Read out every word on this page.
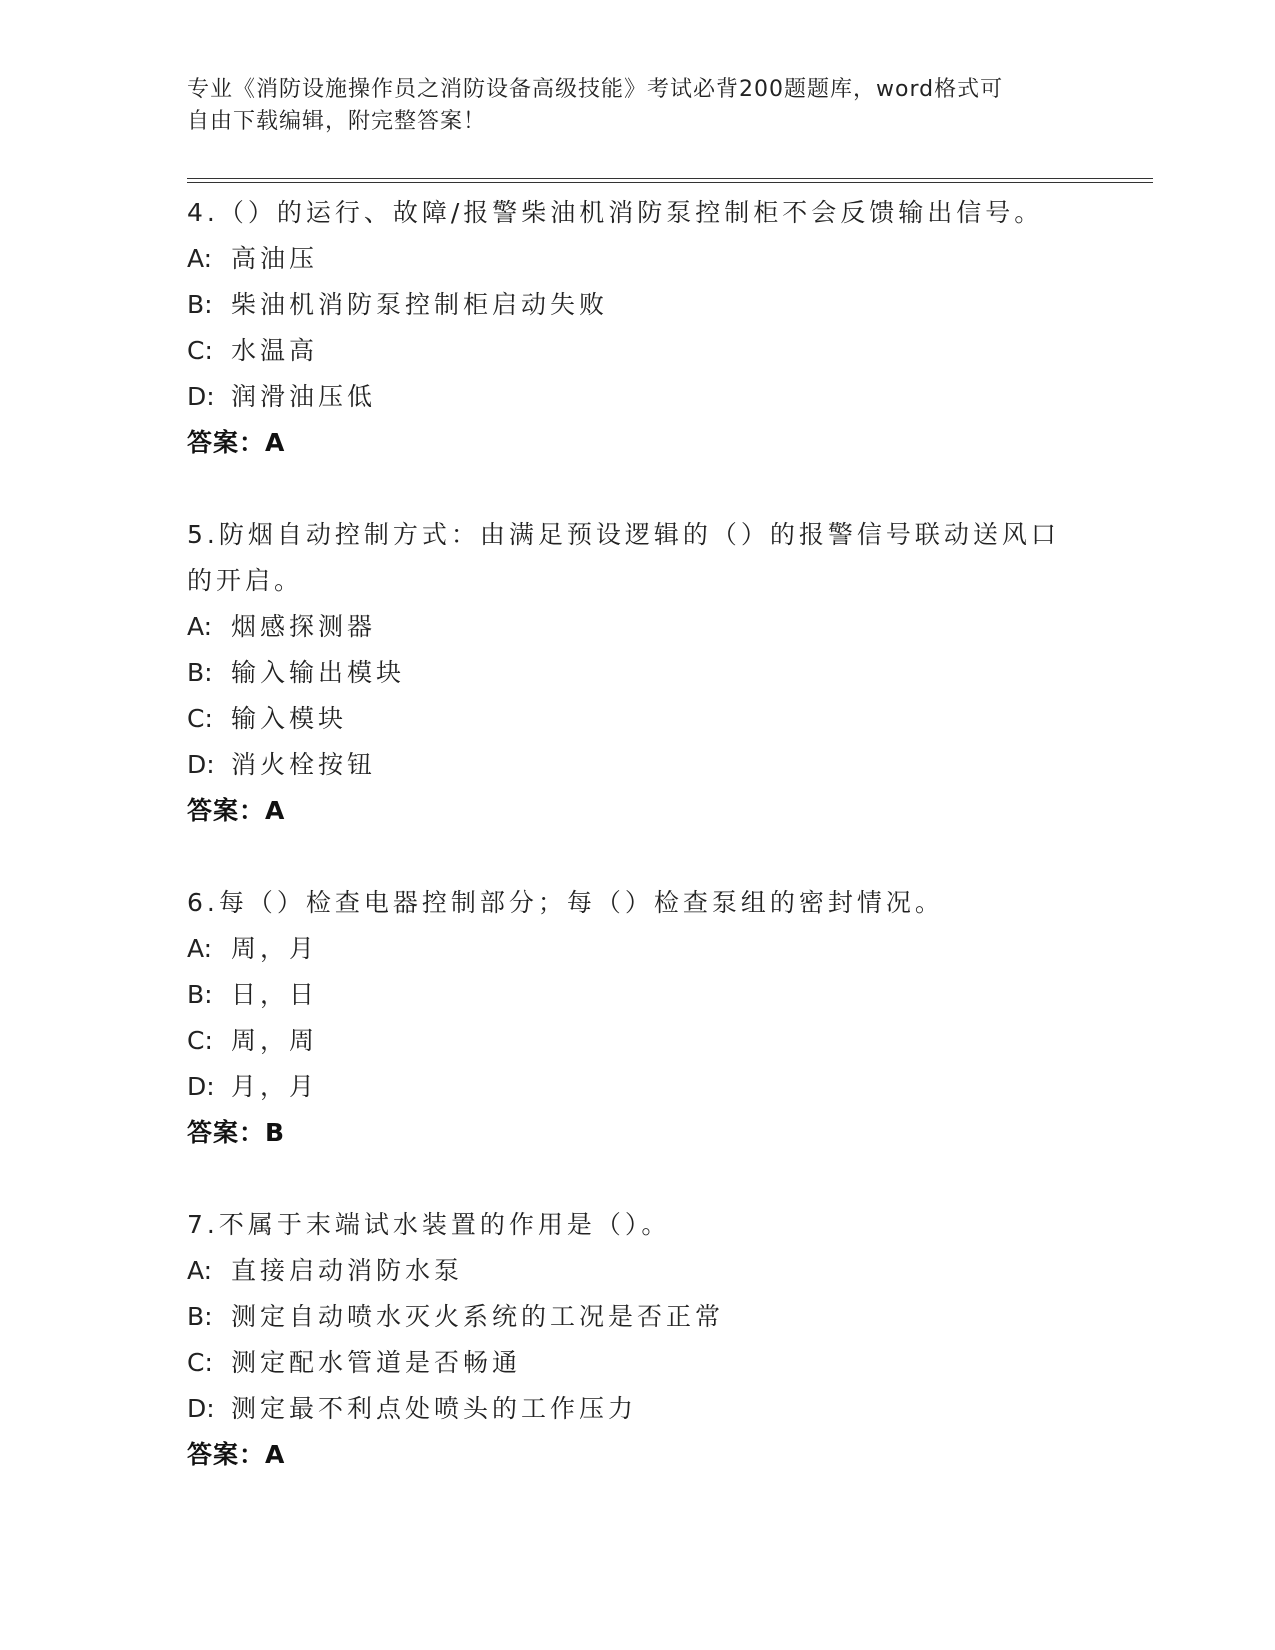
专业《消防设施操作员之消防设备高级技能》考试必背200题题库，word格式可
自由下载编辑，附完整答案！
4.（）的运行、故障/报警柴油机消防泵控制柜不会反馈输出信号。
A: 高油压
B: 柴油机消防泵控制柜启动失败
C: 水温高
D: 润滑油压低
答案：A
5.防烟自动控制方式：由满足预设逻辑的（）的报警信号联动送风口的开启。
A: 烟感探测器
B: 输入输出模块
C: 输入模块
D: 消火栓按钮
答案：A
6.每（）检查电器控制部分；每（）检查泵组的密封情况。
A: 周，月
B: 日，日
C: 周，周
D: 月，月
答案：B
7.不属于末端试水装置的作用是（）。
A: 直接启动消防水泵
B: 测定自动喷水灭火系统的工况是否正常
C: 测定配水管道是否畅通
D: 测定最不利点处喷头的工作压力
答案：A
